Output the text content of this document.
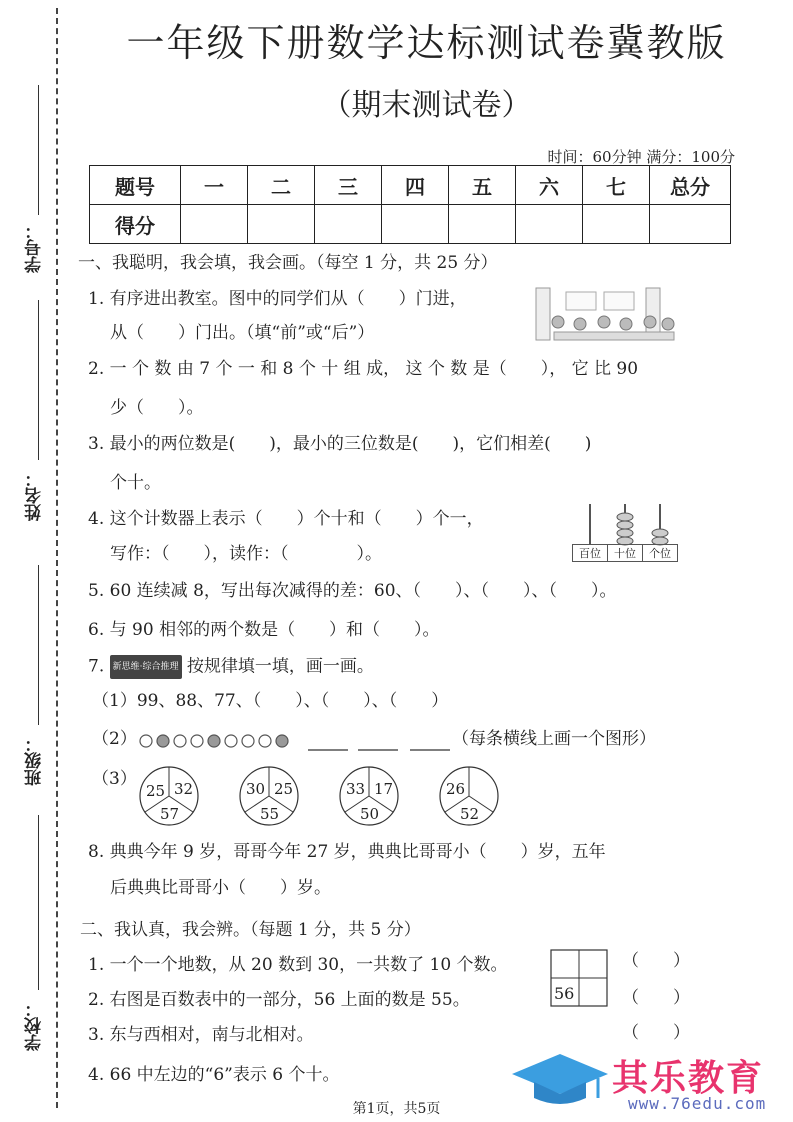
学号：
姓名：
班级：
学校：
一年级下册数学达标测试卷冀教版
（期末测试卷）
时间：60分钟 满分：100分
题号	一	二	三	四	五	六	七	总分
得分								
一、我聪明，我会填，我会画。（每空 1 分，共 25 分）
1. 有序进出教室。图中的同学们从（　　）门进，
从（　　）门出。（填“前”或“后”）
2. 一 个 数 由 7 个 一 和 8 个 十 组 成， 这 个 数 是（　　）， 它 比 90
少（　　）。
3. 最小的两位数是(　　)，最小的三位数是(　　)，它们相差(　　)
个十。
4. 这个计数器上表示（　　）个十和（　　）个一，
写作：（　　），读作：（　　　　）。	百位	十位	个位
5. 60 连续减 8，写出每次减得的差：60、（　　）、（　　）、（　　）。
6. 与 90 相邻的两个数是（　　）和（　　）。
7. 新思维·综合推理 按规律填一填，画一画。
（1）99、88、77、（　　）、（　　）、（　　）
（2）	（每条横线上画一个图形）
（3）
25 32
57
30 25
55
33 17
50
26
52
8. 典典今年 9 岁，哥哥今年 27 岁，典典比哥哥小（　　）岁，五年
后典典比哥哥小（　　）岁。
二、我认真，我会辨。（每题 1 分，共 5 分）
1. 一个一个地数，从 20 数到 30，一共数了 10 个数。
2. 右图是百数表中的一部分，56 上面的数是 55。
3. 东与西相对，南与北相对。
4. 66 中左边的“6”表示 6 个十。
56
（　　）
（　　）
（　　）
其乐教育
www.76edu.com
第1页，共5页
